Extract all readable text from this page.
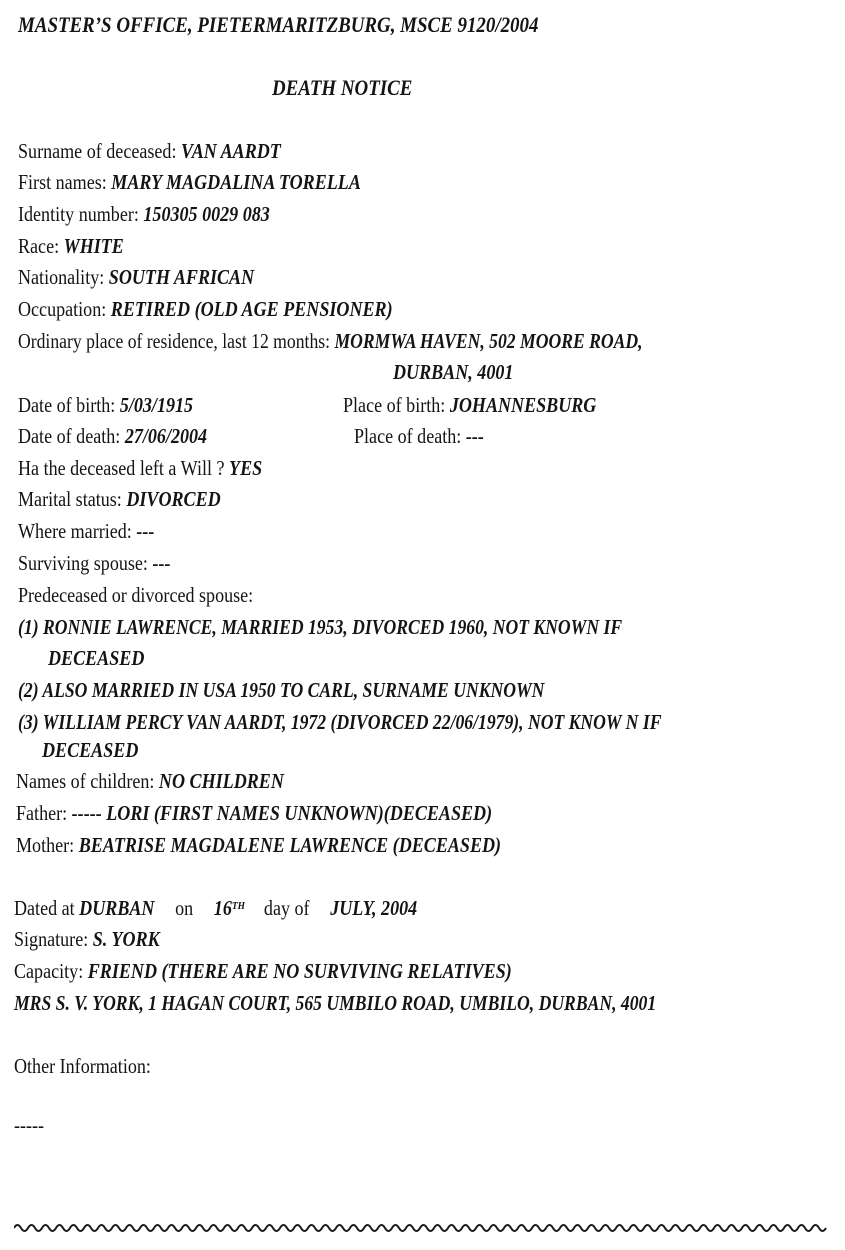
MASTER’S OFFICE, PIETERMARITZBURG, MSCE 9120/2004
DEATH NOTICE
Surname of deceased: VAN AARDT
First names: MARY MAGDALINA TORELLA
Identity number: 150305 0029 083
Race: WHITE
Nationality: SOUTH AFRICAN
Occupation: RETIRED (OLD AGE PENSIONER)
Ordinary place of residence, last 12 months: MORMWA HAVEN, 502 MOORE ROAD,
DURBAN, 4001
Date of birth: 5/03/1915	Place of birth: JOHANNESBURG
Date of death: 27/06/2004	Place of death: ---
Ha the deceased left a Will ? YES
Marital status: DIVORCED
Where married: ---
Surviving spouse: ---
Predeceased or divorced spouse:
(1) RONNIE LAWRENCE, MARRIED 1953, DIVORCED 1960, NOT KNOWN IF
DECEASED
(2) ALSO MARRIED IN USA 1950 TO CARL, SURNAME UNKNOWN
(3) WILLIAM PERCY VAN AARDT, 1972 (DIVORCED 22/06/1979), NOT KNOW N IF
DECEASED
Names of children: NO CHILDREN
Father: ----- LORI (FIRST NAMES UNKNOWN)(DECEASED)
Mother: BEATRISE MAGDALENE LAWRENCE (DECEASED)
Dated at DURBAN on 16TH day of JULY, 2004
Signature: S. YORK
Capacity: FRIEND (THERE ARE NO SURVIVING RELATIVES)
MRS S. V. YORK, 1 HAGAN COURT, 565 UMBILO ROAD, UMBILO, DURBAN, 4001
Other Information:
-----
